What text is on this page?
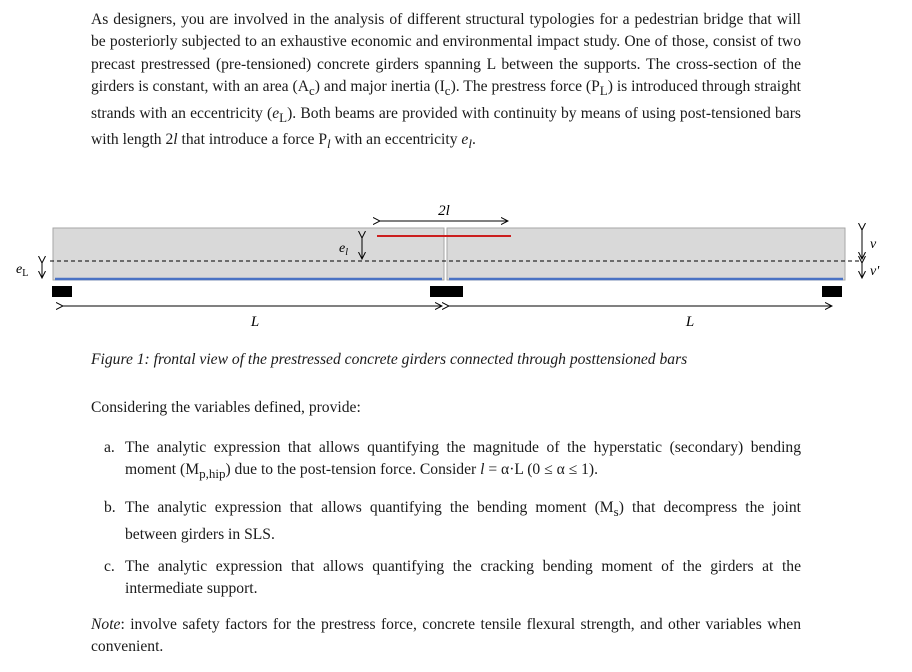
As designers, you are involved in the analysis of different structural typologies for a pedestrian bridge that will be posteriorly subjected to an exhaustive economic and environmental impact study. One of those, consist of two precast prestressed (pre-tensioned) concrete girders spanning L between the supports. The cross-section of the girders is constant, with an area $(A_c)$ and major inertia $(I_c)$. The prestress force $(P_L)$ is introduced through straight strands with an eccentricity $(e_L)$. Both beams are provided with continuity by means of using post-tensioned bars with length 2l that introduce a force $P_l$ with an eccentricity $e_l$.

2l
$e_l$
$e_L$
v
v'
L	L

Figure 1: frontal view of the prestressed concrete girders connected through posttensioned bars

Considering the variables defined, provide:

a. The analytic expression that allows quantifying the magnitude of the hyperstatic (secondary) bending moment $(M_{p,hip})$ due to the post-tension force. Consider l = α·L (0 ≤ α ≤ 1).

b. The analytic expression that allows quantifying the bending moment $(M_s)$ that decompress the joint between girders in SLS.

c. The analytic expression that allows quantifying the cracking bending moment of the girders at the intermediate support.

Note: involve safety factors for the prestress force, concrete tensile flexural strength, and other variables when convenient.
